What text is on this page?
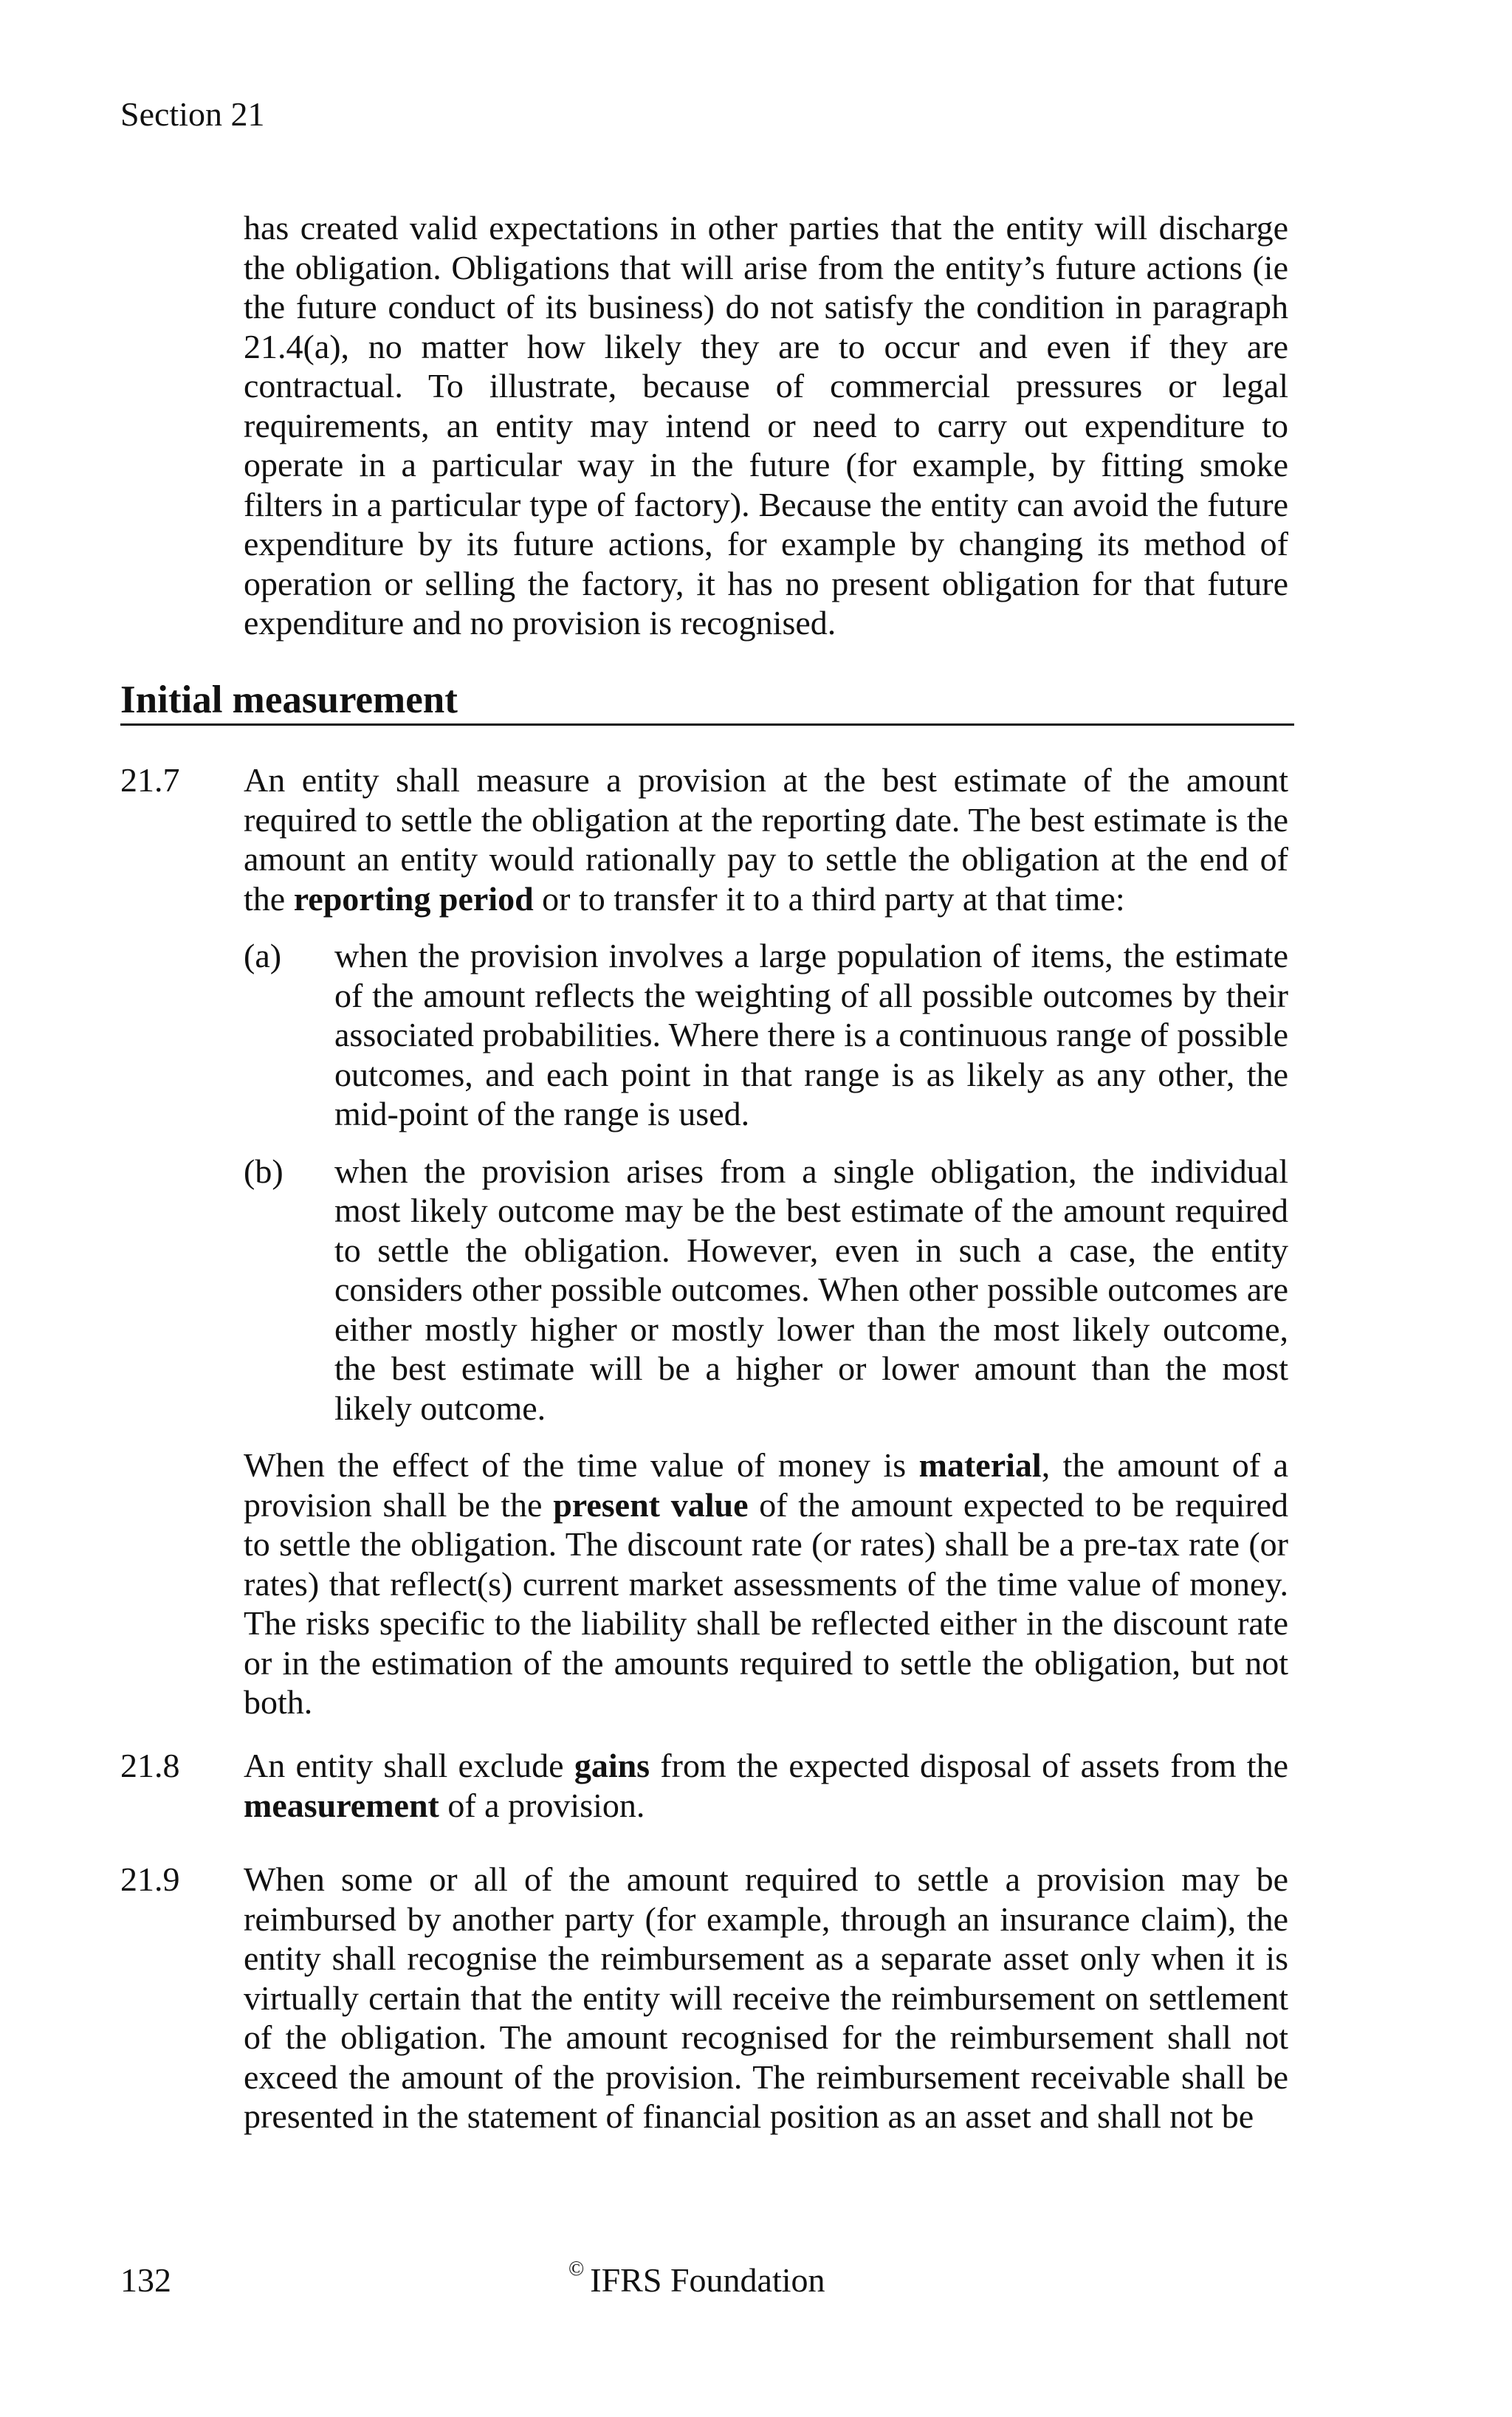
Section 21

has created valid expectations in other parties that the entity will discharge the obligation. Obligations that will arise from the entity’s future actions (ie the future conduct of its business) do not satisfy the condition in paragraph 21.4(a), no matter how likely they are to occur and even if they are contractual. To illustrate, because of commercial pressures or legal requirements, an entity may intend or need to carry out expenditure to operate in a particular way in the future (for example, by fitting smoke filters in a particular type of factory). Because the entity can avoid the future expenditure by its future actions, for example by changing its method of operation or selling the factory, it has no present obligation for that future expenditure and no provision is recognised.

Initial measurement
21.7 An entity shall measure a provision at the best estimate of the amount required to settle the obligation at the reporting date. The best estimate is the amount an entity would rationally pay to settle the obligation at the end of the reporting period or to transfer it to a third party at that time:

(a) when the provision involves a large population of items, the estimate of the amount reflects the weighting of all possible outcomes by their associated probabilities. Where there is a continuous range of possible outcomes, and each point in that range is as likely as any other, the mid-point of the range is used.

(b) when the provision arises from a single obligation, the individual most likely outcome may be the best estimate of the amount required to settle the obligation. However, even in such a case, the entity considers other possible outcomes. When other possible outcomes are either mostly higher or mostly lower than the most likely outcome, the best estimate will be a higher or lower amount than the most likely outcome.

When the effect of the time value of money is material, the amount of a provision shall be the present value of the amount expected to be required to settle the obligation. The discount rate (or rates) shall be a pre-tax rate (or rates) that reflect(s) current market assessments of the time value of money. The risks specific to the liability shall be reflected either in the discount rate or in the estimation of the amounts required to settle the obligation, but not both.

21.8 An entity shall exclude gains from the expected disposal of assets from the measurement of a provision.

21.9 When some or all of the amount required to settle a provision may be reimbursed by another party (for example, through an insurance claim), the entity shall recognise the reimbursement as a separate asset only when it is virtually certain that the entity will receive the reimbursement on settlement of the obligation. The amount recognised for the reimbursement shall not exceed the amount of the provision. The reimbursement receivable shall be presented in the statement of financial position as an asset and shall not be

132	© IFRS Foundation
